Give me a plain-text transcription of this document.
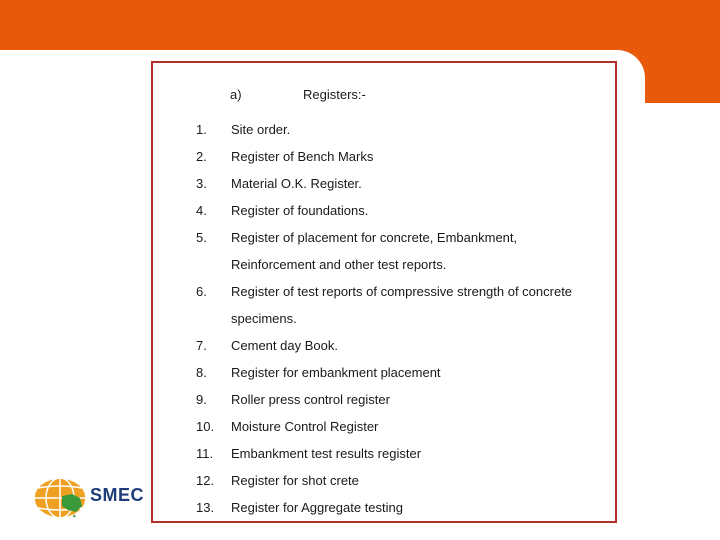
a)	Registers:-
1. Site order.
2. Register of Bench Marks
3. Material O.K. Register.
4. Register of foundations.
5. Register of placement for concrete, Embankment,
Reinforcement and other test reports.
6. Register of test reports of compressive strength of concrete
specimens.
7. Cement day Book.
8. Register for embankment placement
9. Roller press control register
10. Moisture Control Register
11. Embankment test results register
12. Register for shot crete
13. Register for Aggregate testing
SMEC
